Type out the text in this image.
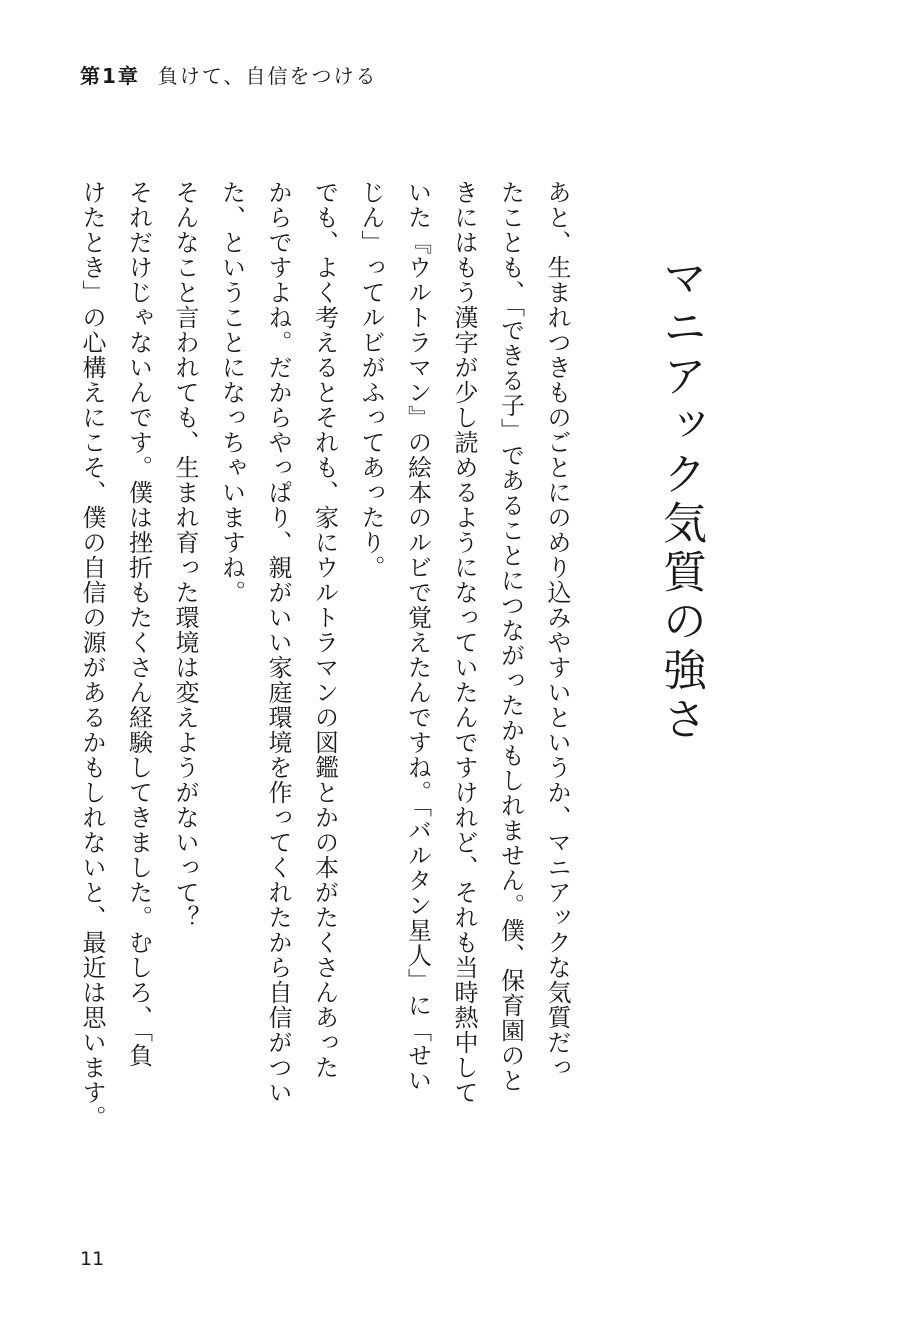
第1章 負けて、自信をつける
マニアック気質の強さ

あと、生まれつきものごとにのめり込みやすいというか、マニアックな気質だっ

たことも、「できる子」であることにつながったかもしれません。僕、保育園のと

きにはもう漢字が少し読めるようになっていたんですけれど、それも当時熱中して

いた『ウルトラマン』の絵本のルビで覚えたんですね。「バルタン星人」に「せい

じん」ってルビがふってあったり。

でも、よく考えるとそれも、家にウルトラマンの図鑑とかの本がたくさんあった

からですよね。だからやっぱり、親がいい家庭環境を作ってくれたから自信がつい

た、ということになっちゃいますね。

そんなこと言われても、生まれ育った環境は変えようがないって？

それだけじゃないんです。僕は挫折もたくさん経験してきました。むしろ、「負

けたとき」の心構えにこそ、僕の自信の源があるかもしれないと、最近は思います。

11
